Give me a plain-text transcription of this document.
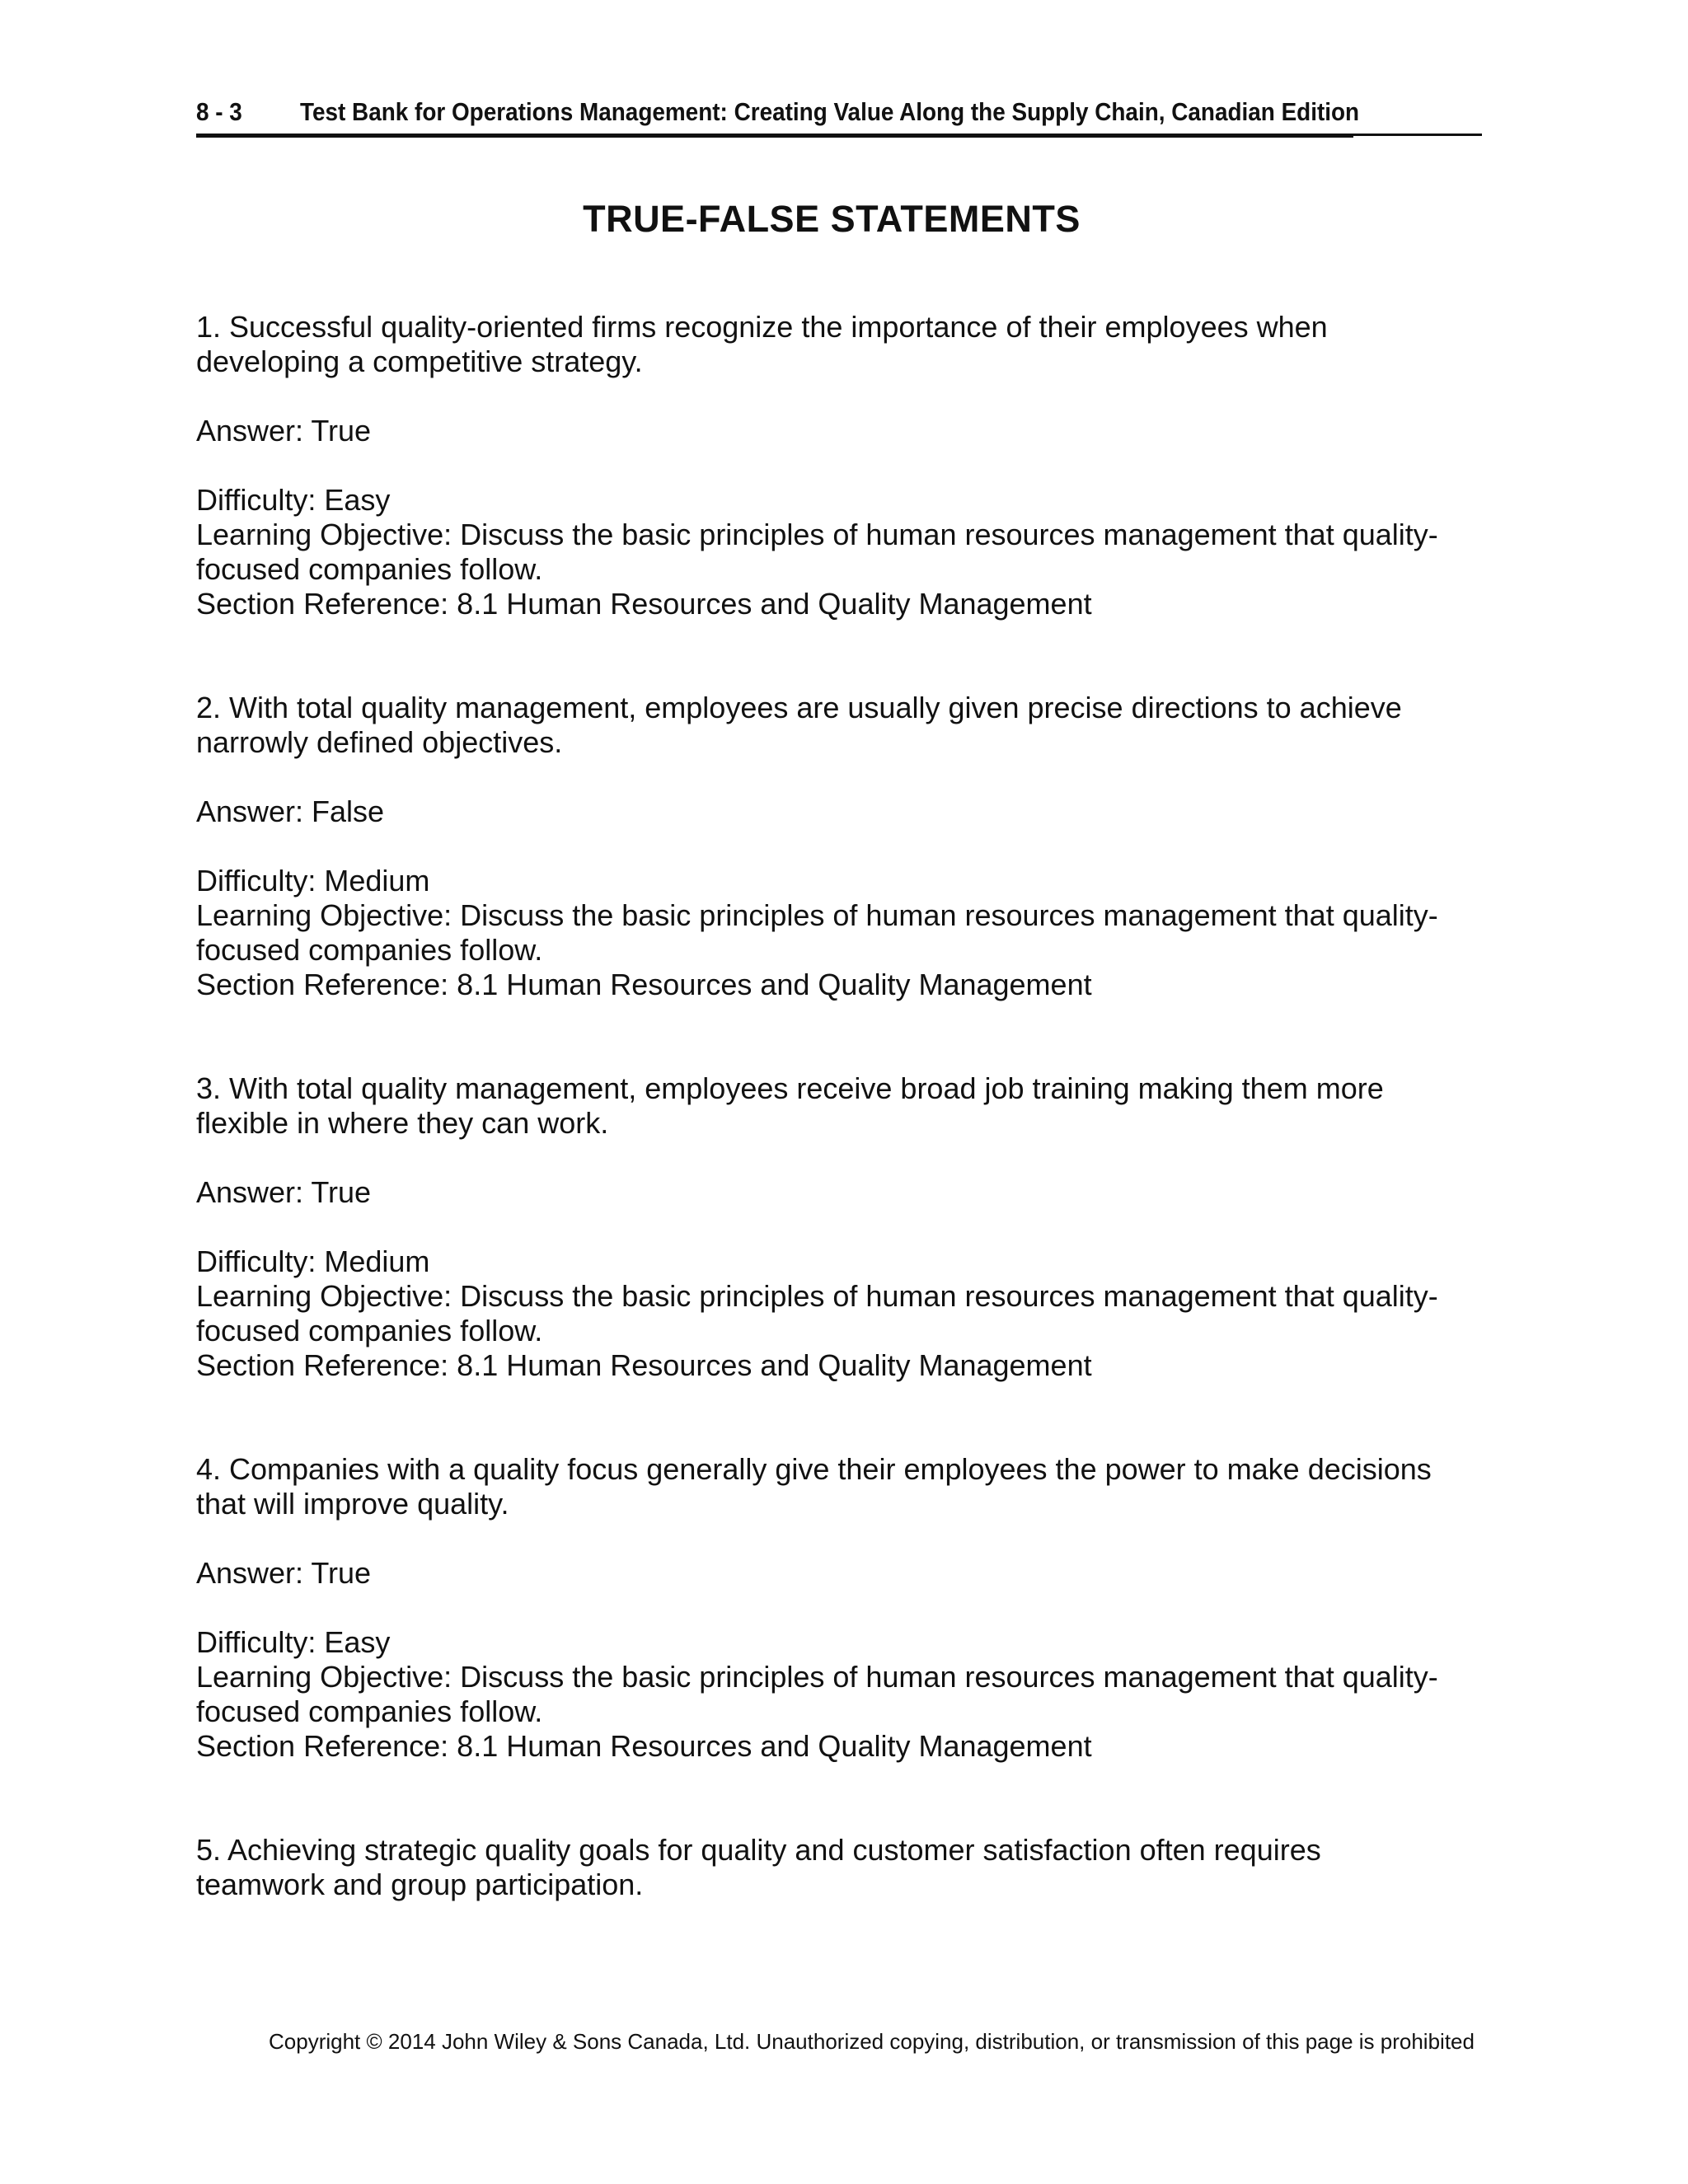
8 - 3 Test Bank for Operations Management: Creating Value Along the Supply Chain, Canadian Edition
TRUE-FALSE STATEMENTS
1. Successful quality-oriented firms recognize the importance of their employees when
developing a competitive strategy.
Answer: True
Difficulty: Easy
Learning Objective: Discuss the basic principles of human resources management that quality-
focused companies follow.
Section Reference: 8.1 Human Resources and Quality Management
2. With total quality management, employees are usually given precise directions to achieve
narrowly defined objectives.
Answer: False
Difficulty: Medium
Learning Objective: Discuss the basic principles of human resources management that quality-
focused companies follow.
Section Reference: 8.1 Human Resources and Quality Management
3. With total quality management, employees receive broad job training making them more
flexible in where they can work.
Answer: True
Difficulty: Medium
Learning Objective: Discuss the basic principles of human resources management that quality-
focused companies follow.
Section Reference: 8.1 Human Resources and Quality Management
4. Companies with a quality focus generally give their employees the power to make decisions
that will improve quality.
Answer: True
Difficulty: Easy
Learning Objective: Discuss the basic principles of human resources management that quality-
focused companies follow.
Section Reference: 8.1 Human Resources and Quality Management
5. Achieving strategic quality goals for quality and customer satisfaction often requires
teamwork and group participation.
Copyright © 2014 John Wiley & Sons Canada, Ltd. Unauthorized copying, distribution, or transmission of this page is prohibited
